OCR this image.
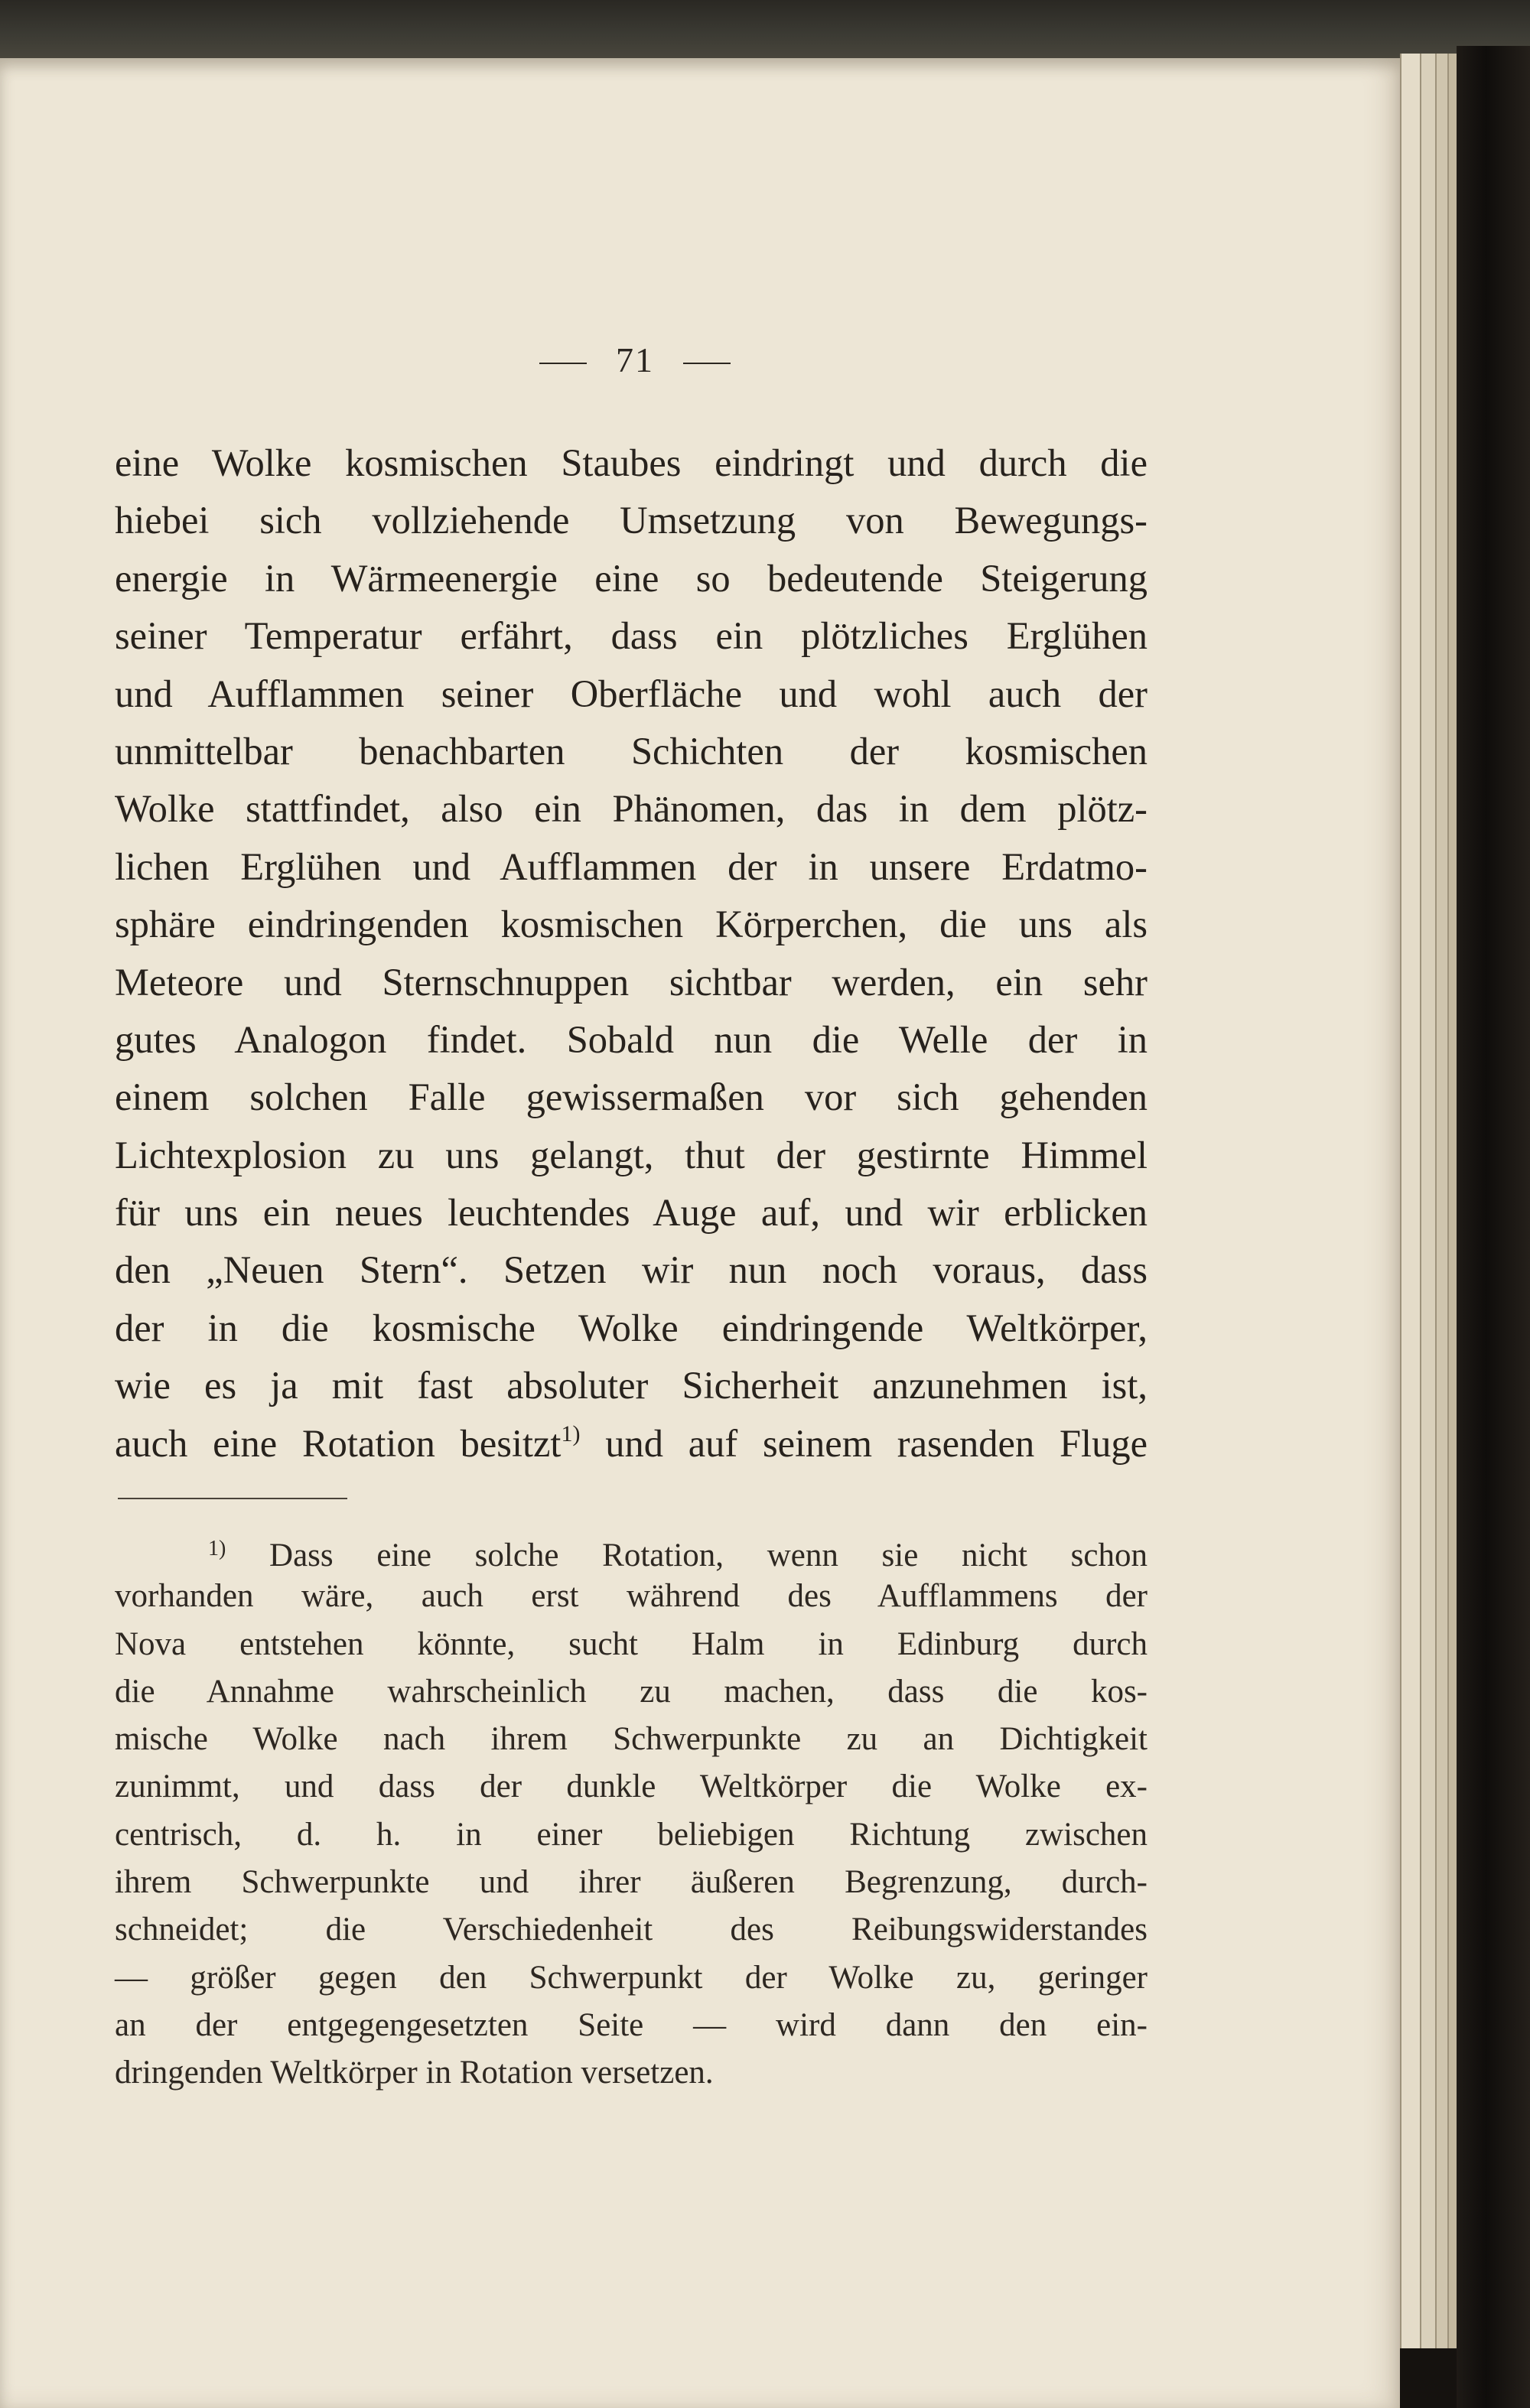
71
eine Wolke kosmischen Staubes eindringt und durch die
hiebei sich vollziehende Umsetzung von Bewegungs-
energie in Wärmeenergie eine so bedeutende Steigerung
seiner Temperatur erfährt, dass ein plötzliches Erglühen
und Aufflammen seiner Oberfläche und wohl auch der
unmittelbar benachbarten Schichten der kosmischen
Wolke stattfindet, also ein Phänomen, das in dem plötz-
lichen Erglühen und Aufflammen der in unsere Erdatmo-
sphäre eindringenden kosmischen Körperchen, die uns als
Meteore und Sternschnuppen sichtbar werden, ein sehr
gutes Analogon findet. Sobald nun die Welle der in
einem solchen Falle gewissermaßen vor sich gehenden
Lichtexplosion zu uns gelangt, thut der gestirnte Himmel
für uns ein neues leuchtendes Auge auf, und wir erblicken
den „Neuen Stern“. Setzen wir nun noch voraus, dass
der in die kosmische Wolke eindringende Weltkörper,
wie es ja mit fast absoluter Sicherheit anzunehmen ist,
auch eine Rotation besitzt$^{1)}$ und auf seinem rasenden Fluge
$^{1)}$ Dass eine solche Rotation, wenn sie nicht schon
vorhanden wäre, auch erst während des Aufflammens der
Nova entstehen könnte, sucht Halm in Edinburg durch
die Annahme wahrscheinlich zu machen, dass die kos-
mische Wolke nach ihrem Schwerpunkte zu an Dichtigkeit
zunimmt, und dass der dunkle Weltkörper die Wolke ex-
centrisch, d. h. in einer beliebigen Richtung zwischen
ihrem Schwerpunkte und ihrer äußeren Begrenzung, durch-
schneidet; die Verschiedenheit des Reibungswiderstandes
— größer gegen den Schwerpunkt der Wolke zu, geringer
an der entgegengesetzten Seite — wird dann den ein-
dringenden Weltkörper in Rotation versetzen.
